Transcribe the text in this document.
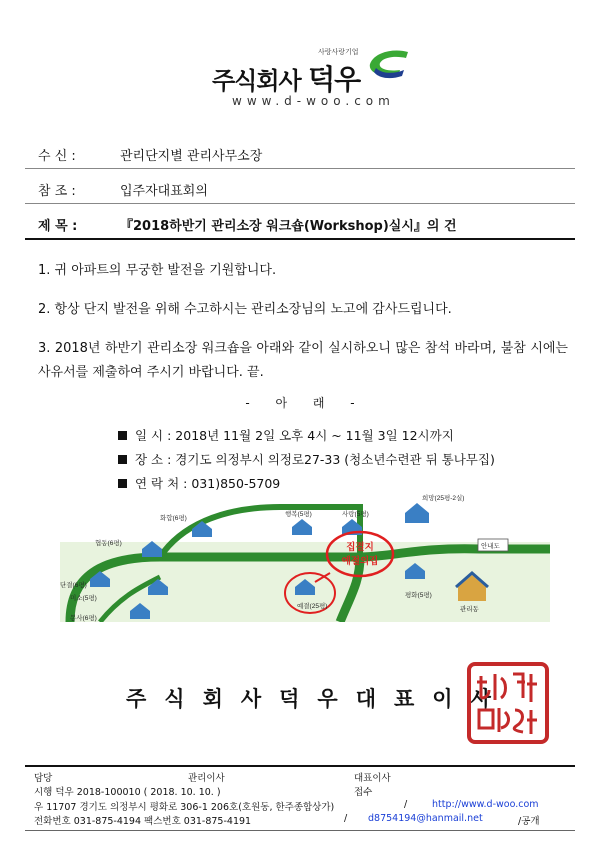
사랑사랑기업
주식회사 덕우
www.d-woo.com
수 신 :	관리단지별 관리사무소장
참 조 :	입주자대표회의
제 목 :	『2018하반기 관리소장 워크숍(Workshop)실시』의 건
1. 귀 아파트의 무궁한 발전을 기원합니다.
2. 항상 단지 발전을 위해 수고하시는 관리소장님의 노고에 감사드립니다.
3. 2018년 하반기 관리소장 워크숍을 아래와 같이 실시하오니 많은 참석 바라며, 불참 시에는 사유서를 제출하여 주시기 바랍니다. 끝.
- 아 래 -
일 시 : 2018년 11월 2일 오후 4시 ~ 11월 3일 12시까지
장 소 : 경기도 의정부시 의정로27-33 (청소년수련관 뒤 통나무집)
연 락 처 : 031)850-5709
화합(6평)
협동(6평)
행복(5평)	사랑(5평)
희망(25평-2실)
안내도
단결(6평)
미소(5평)
봉사(6평)
예결(25평)
평화(5평)
관리동
집결지
예절의집
주식회사덕우대표이사
담당	관리이사	대표이사
시행 덕우 2018-100010 ( 2018. 10. 10. )	접수
우 11707 경기도 의정부시 평화로 306-1 206호(호원동, 한주종합상가)	/	http://www.d-woo.com
전화번호 031-875-4194 팩스번호 031-875-4191	/ d8754194@hanmail.net	/공개
